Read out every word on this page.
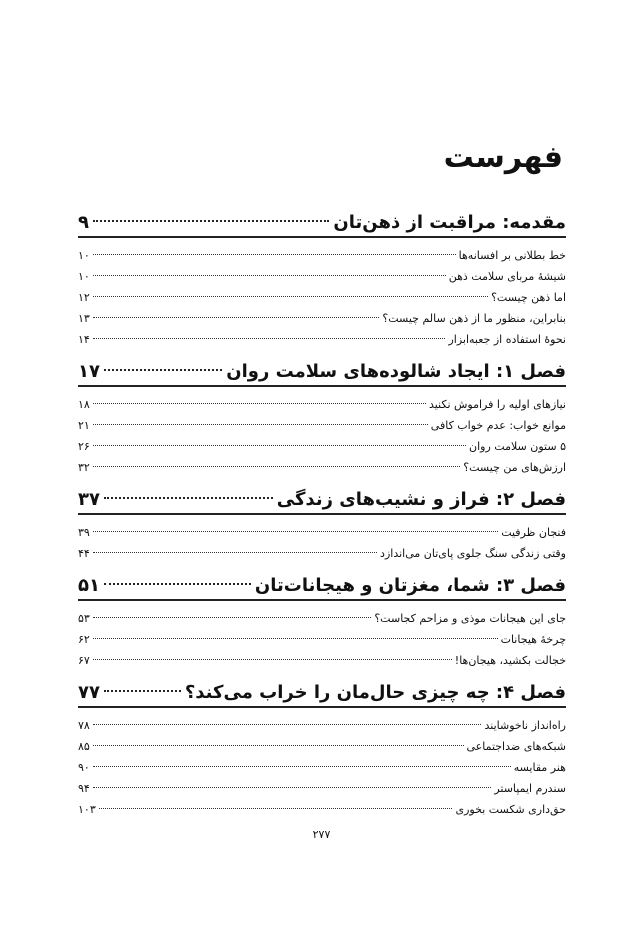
فهرست
مقدمه: مراقبت از ذهن‌تان
۹
خط بطلانی بر افسانه‌ها
۱۰
شیشهٔ مربای سلامت ذهن
۱۰
اما ذهن چیست؟
۱۲
بنابراین، منظور ما از ذهن سالم چیست؟
۱۳
نحوهٔ استفاده از جعبه‌ابزار
۱۴
فصل ۱: ایجاد شالوده‌های سلامت روان
۱۷
نیازهای اولیه را فراموش نکنید
۱۸
موانع خواب: عدم خواب کافی
۲۱
۵ ستون سلامت روان
۲۶
ارزش‌های من چیست؟
۳۲
فصل ۲: فراز و نشیب‌های زندگی
۳۷
فنجان ظرفیت
۳۹
وقتی زندگی سنگ جلوی پای‌تان می‌اندازد
۴۴
فصل ۳: شما، مغزتان و هیجانات‌تان
۵۱
جای این هیجانات موذی و مزاحم کجاست؟
۵۳
چرخهٔ هیجانات
۶۲
خجالت بکشید، هیجان‌ها!
۶۷
فصل ۴: چه چیزی حال‌مان را خراب می‌کند؟
۷۷
راه‌انداز ناخوشایند
۷۸
شبکه‌های ضداجتماعی
۸۵
هنر مقایسه
۹۰
سندرم ایمپاستر
۹۴
حق‌داری شکست بخوری
۱۰۳
۲۷۷
